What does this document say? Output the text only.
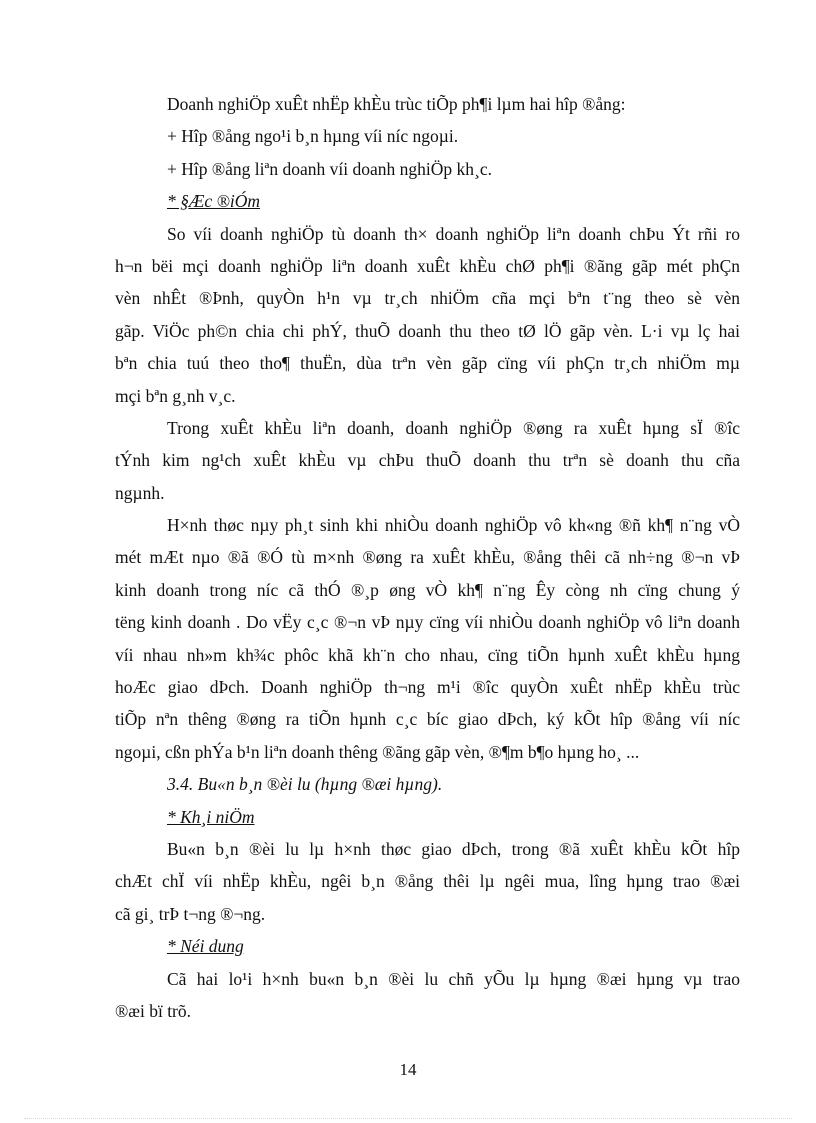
Doanh nghiÖp xuÊt nhËp khÈu trùc tiÕp ph¶i lµm hai hîp ®ång:
+ Hîp ®ång ngo¹i b¸n hµng víi níc ngoµi.
+ Hîp ®ång liªn doanh víi doanh nghiÖp kh¸c.
* §Æc ®iÓm
So víi doanh nghiÖp tù doanh th× doanh nghiÖp liªn doanh chÞu Ýt rñi ro
h¬n bëi mçi doanh nghiÖp liªn doanh xuÊt khÈu chØ ph¶i ®ãng gãp mét phÇn
vèn nhÊt ®Þnh, quyÒn h¹n vµ tr¸ch nhiÖm cña mçi bªn t¨ng theo sè vèn
gãp. ViÖc ph©n chia chi phÝ, thuÕ doanh thu theo tØ lÖ gãp vèn. L·i vµ lç hai
bªn chia tuú theo tho¶ thuËn, dùa trªn vèn gãp cïng víi phÇn tr¸ch nhiÖm mµ
mçi bªn g¸nh v¸c.
Trong xuÊt khÈu liªn doanh, doanh nghiÖp ®øng ra xuÊt hµng sÏ ®îc
tÝnh kim ng¹ch xuÊt khÈu vµ chÞu thuÕ doanh thu trªn sè doanh thu cña
ngµnh.
H×nh thøc nµy ph¸t sinh khi nhiÒu doanh nghiÖp vô kh«ng ®ñ kh¶ n¨ng vÒ
mét mÆt nµo ®ã ®Ó tù m×nh ®øng ra xuÊt khÈu, ®ång thêi cã nh÷ng ®¬n vÞ
kinh doanh trong níc cã thÓ ®¸p øng vÒ kh¶ n¨ng Êy còng nh cïng chung ý
tëng kinh doanh . Do vËy c¸c ®¬n vÞ nµy cïng víi nhiÒu doanh nghiÖp vô liªn doanh
víi nhau nh»m kh¾c phôc khã kh¨n cho nhau, cïng tiÕn hµnh xuÊt khÈu hµng
hoÆc giao dÞch. Doanh nghiÖp th¬ng m¹i ®îc quyÒn xuÊt nhËp khÈu trùc
tiÕp nªn thêng ®øng ra tiÕn hµnh c¸c bíc giao dÞch, ký kÕt hîp ®ång víi níc
ngoµi, cßn phÝa b¹n liªn doanh thêng ®ãng gãp vèn, ®¶m b¶o hµng ho¸ ...
3.4. Bu«n b¸n ®èi lu (hµng ®æi hµng).
* Kh¸i niÖm
Bu«n b¸n ®èi lu lµ h×nh thøc giao dÞch, trong ®ã xuÊt khÈu kÕt hîp
chÆt chÏ víi nhËp khÈu, ngêi b¸n ®ång thêi lµ ngêi mua, lîng hµng trao ®æi
cã gi¸ trÞ t¬ng ®¬ng.
* Néi dung
Cã hai lo¹i h×nh bu«n b¸n ®èi lu chñ yÕu lµ hµng ®æi hµng vµ trao
®æi bï trõ.
14
